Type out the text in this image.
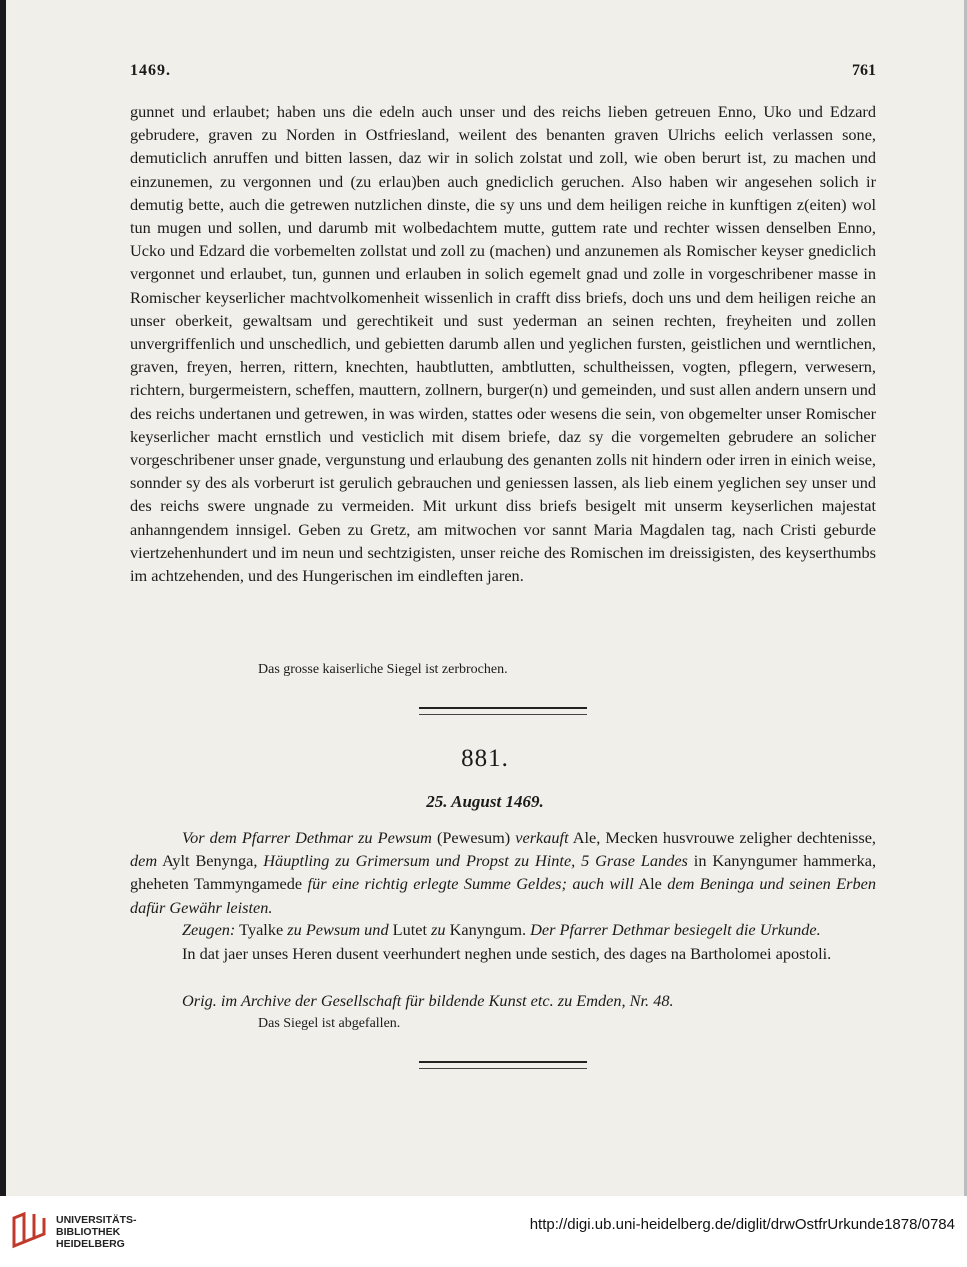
1469.	761
gunnet und erlaubet; haben uns die edeln auch unser und des reichs lieben getreuen Enno, Uko und Edzard gebrudere, graven zu Norden in Ostfriesland, weilent des benanten graven Ulrichs eelich verlassen sone, demuticlich anruffen und bitten lassen, daz wir in solich zolstat und zoll, wie oben berurt ist, zu machen und einzunemen, zu vergonnen und (zu erlau)ben auch gnediclich geruchen. Also haben wir angesehen solich ir demutig bette, auch die getrewen nutzlichen dinste, die sy uns und dem heiligen reiche in kunftigen z(eiten) wol tun mugen und sollen, und darumb mit wolbedachtem mutte, guttem rate und rechter wissen denselben Enno, Ucko und Edzard die vorbemelten zollstat und zoll zu (machen) und anzunemen als Romischer keyser gnediclich vergonnet und erlaubet, tun, gunnen und erlauben in solich egemelt gnad und zolle in vorgeschribener masse in Romischer keyserlicher machtvolkomenheit wissenlich in crafft diss briefs, doch uns und dem heiligen reiche an unser oberkeit, gewaltsam und gerechtikeit und sust yederman an seinen rechten, freyheiten und zollen unvergriffenlich und unschedlich, und gebietten darumb allen und yeglichen fursten, geistlichen und werntlichen, graven, freyen, herren, rittern, knechten, haubtlutten, ambtlutten, schultheissen, vogten, pflegern, verwesern, richtern, burgermeistern, scheffen, mauttern, zollnern, burger(n) und gemeinden, und sust allen andern unsern und des reichs undertanen und getrewen, in was wirden, stattes oder wesens die sein, von obgemelter unser Romischer keyserlicher macht ernstlich und vesticlich mit disem briefe, daz sy die vorgemelten gebrudere an solicher vorgeschribener unser gnade, vergunstung und erlaubung des genanten zolls nit hindern oder irren in einich weise, sonnder sy des als vorberurt ist gerulich gebrauchen und geniessen lassen, als lieb einem yeglichen sey unser und des reichs swere ungnade zu vermeiden. Mit urkunt diss briefs besigelt mit unserm keyserlichen majestat anhanngendem innsigel. Geben zu Gretz, am mitwochen vor sannt Maria Magdalen tag, nach Cristi geburde viertzehenhundert und im neun und sechtzigisten, unser reiche des Romischen im dreissigisten, des keyserthumbs im achtzehenden, und des Hungerischen im eindleften jaren.
Das grosse kaiserliche Siegel ist zerbrochen.
881.
25. August 1469.
Vor dem Pfarrer Dethmar zu Pewsum (Pewesum) verkauft Ale, Mecken husvrouwe zeligher dechtenisse, dem Aylt Benynga, Häuptling zu Grimersum und Propst zu Hinte, 5 Grase Landes in Kanyngumer hammerka, gheheten Tammyngamede für eine richtig erlegte Summe Geldes; auch will Ale dem Beninga und seinen Erben dafür Gewähr leisten.
Zeugen: Tyalke zu Pewsum und Lutet zu Kanyngum. Der Pfarrer Dethmar besiegelt die Urkunde.
In dat jaer unses Heren dusent veerhundert neghen unde sestich, des dages na Bartholomei apostoli.
Orig. im Archive der Gesellschaft für bildende Kunst etc. zu Emden, Nr. 48.
Das Siegel ist abgefallen.
UNIVERSITÄTS-
BIBLIOTHEK
HEIDELBERG
http://digi.ub.uni-heidelberg.de/diglit/drwOstfrUrkunde1878/0784
